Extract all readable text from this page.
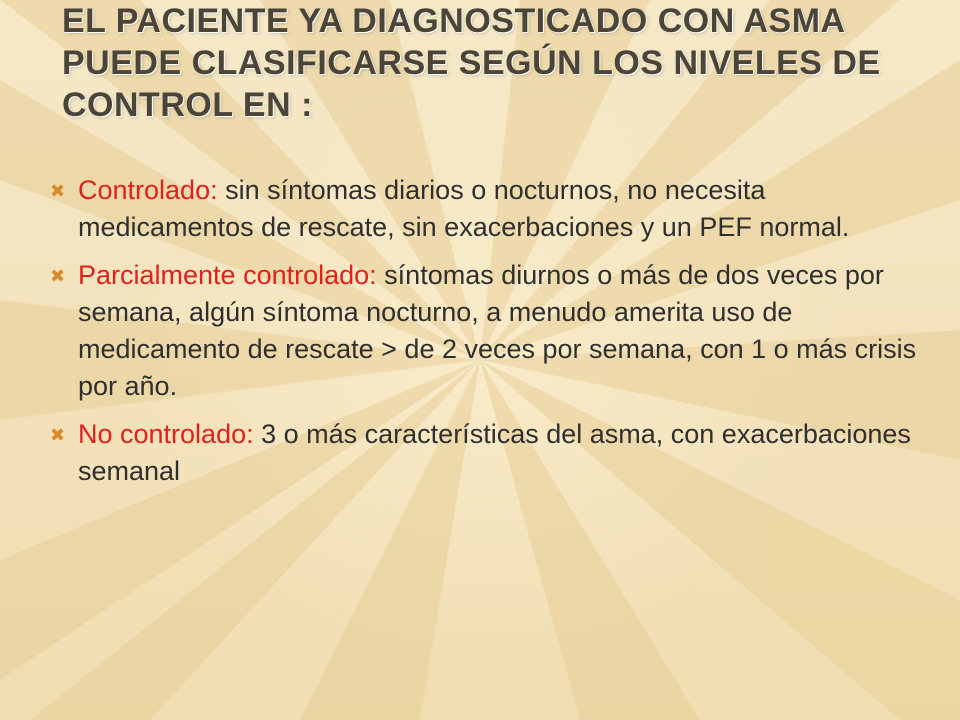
EL PACIENTE YA DIAGNOSTICADO CON ASMA PUEDE CLASIFICARSE SEGÚN LOS NIVELES DE CONTROL EN :
✖ Controlado: sin síntomas diarios o nocturnos, no necesita medicamentos de rescate, sin exacerbaciones y un PEF normal.
✖ Parcialmente controlado: síntomas diurnos o más de dos veces por semana, algún síntoma nocturno, a menudo amerita uso de medicamento de rescate > de 2 veces por semana, con 1 o más crisis por año.
✖ No controlado: 3 o más características del asma, con exacerbaciones semanal
